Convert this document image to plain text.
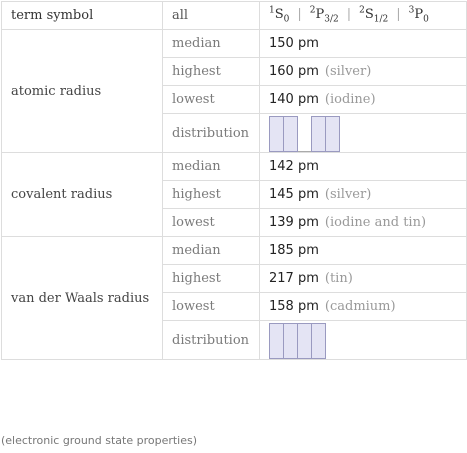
term symbol	all	$^1S_0$ | $^2P_{3/2}$ | $^2S_{1/2}$ | $^3P_0$
atomic radius	median	150 pm
	highest	160 pm (silver)
	lowest	140 pm (iodine)
	distribution	

covalent radius	median	142 pm
	highest	145 pm (silver)
	lowest	139 pm (iodine and tin)
van der Waals radius	median	185 pm
	highest	217 pm (tin)
	lowest	158 pm (cadmium)
	distribution	
(electronic ground state properties)
